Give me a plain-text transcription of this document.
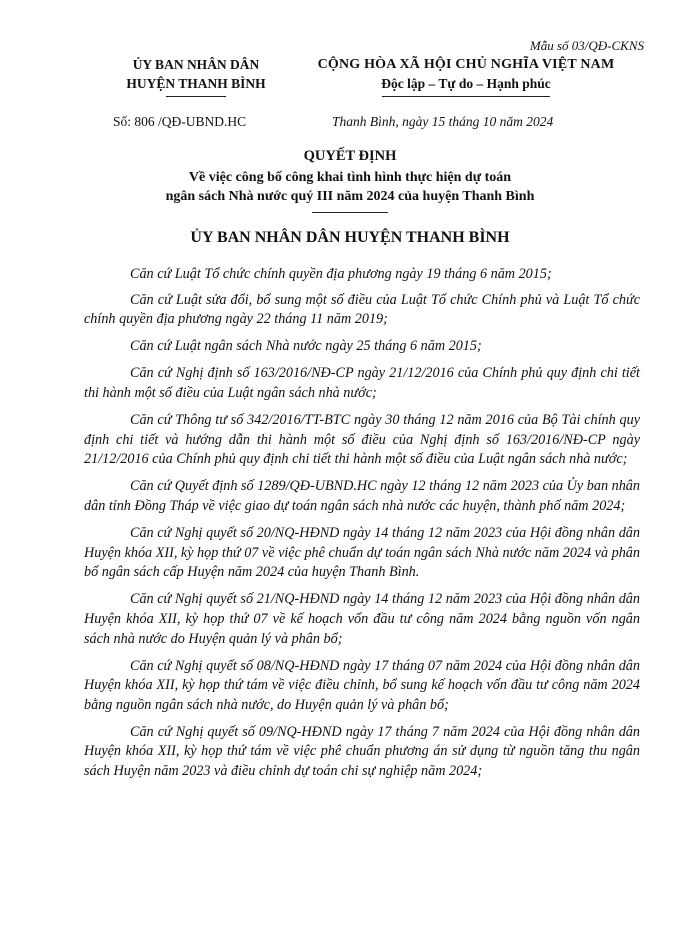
Mẫu số 03/QĐ-CKNS
ỦY BAN NHÂN DÂN
HUYỆN THANH BÌNH
CỘNG HÒA XÃ HỘI CHỦ NGHĨA VIỆT NAM
Độc lập – Tự do – Hạnh phúc
Số: 806 /QĐ-UBND.HC	Thanh Bình, ngày 15 tháng 10 năm 2024
QUYẾT ĐỊNH
Về việc công bố công khai tình hình thực hiện dự toán
ngân sách Nhà nước quý III năm 2024 của huyện Thanh Bình
ỦY BAN NHÂN DÂN HUYỆN THANH BÌNH

Căn cứ Luật Tổ chức chính quyền địa phương ngày 19 tháng 6 năm 2015;

Căn cứ Luật sửa đổi, bổ sung một số điều của Luật Tổ chức Chính phủ và Luật Tổ chức chính quyền địa phương ngày 22 tháng 11 năm 2019;

Căn cứ Luật ngân sách Nhà nước ngày 25 tháng 6 năm 2015;

Căn cứ Nghị định số 163/2016/NĐ-CP ngày 21/12/2016 của Chính phủ quy định chi tiết thi hành một số điều của Luật ngân sách nhà nước;

Căn cứ Thông tư số 342/2016/TT-BTC ngày 30 tháng 12 năm 2016 của Bộ Tài chính quy định chi tiết và hướng dẫn thi hành một số điều của Nghị định số 163/2016/NĐ-CP ngày 21/12/2016 của Chính phủ quy định chi tiết thi hành một số điều của Luật ngân sách nhà nước;

Căn cứ Quyết định số 1289/QĐ-UBND.HC ngày 12 tháng 12 năm 2023 của Ủy ban nhân dân tỉnh Đồng Tháp về việc giao dự toán ngân sách nhà nước các huyện, thành phố năm 2024;

Căn cứ Nghị quyết số 20/NQ-HĐND ngày 14 tháng 12 năm 2023 của Hội đồng nhân dân Huyện khóa XII, kỳ họp thứ 07 về việc phê chuẩn dự toán ngân sách Nhà nước năm 2024 và phân bổ ngân sách cấp Huyện năm 2024 của huyện Thanh Bình.

Căn cứ Nghị quyết số 21/NQ-HĐND ngày 14 tháng 12 năm 2023 của Hội đồng nhân dân Huyện khóa XII, kỳ họp thứ 07 về kế hoạch vốn đầu tư công năm 2024 bằng nguồn vốn ngân sách nhà nước do Huyện quản lý và phân bổ;

Căn cứ Nghị quyết số 08/NQ-HĐND ngày 17 tháng 07 năm 2024 của Hội đồng nhân dân Huyện khóa XII, kỳ họp thứ tám về việc điều chỉnh, bổ sung kế hoạch vốn đầu tư công năm 2024 bằng nguồn ngân sách nhà nước, do Huyện quản lý và phân bổ;

Căn cứ Nghị quyết số 09/NQ-HĐND ngày 17 tháng 7 năm 2024 của Hội đồng nhân dân Huyện khóa XII, kỳ họp thứ tám về việc phê chuẩn phương án sử dụng từ nguồn tăng thu ngân sách Huyện năm 2023 và điều chỉnh dự toán chi sự nghiệp năm 2024;
